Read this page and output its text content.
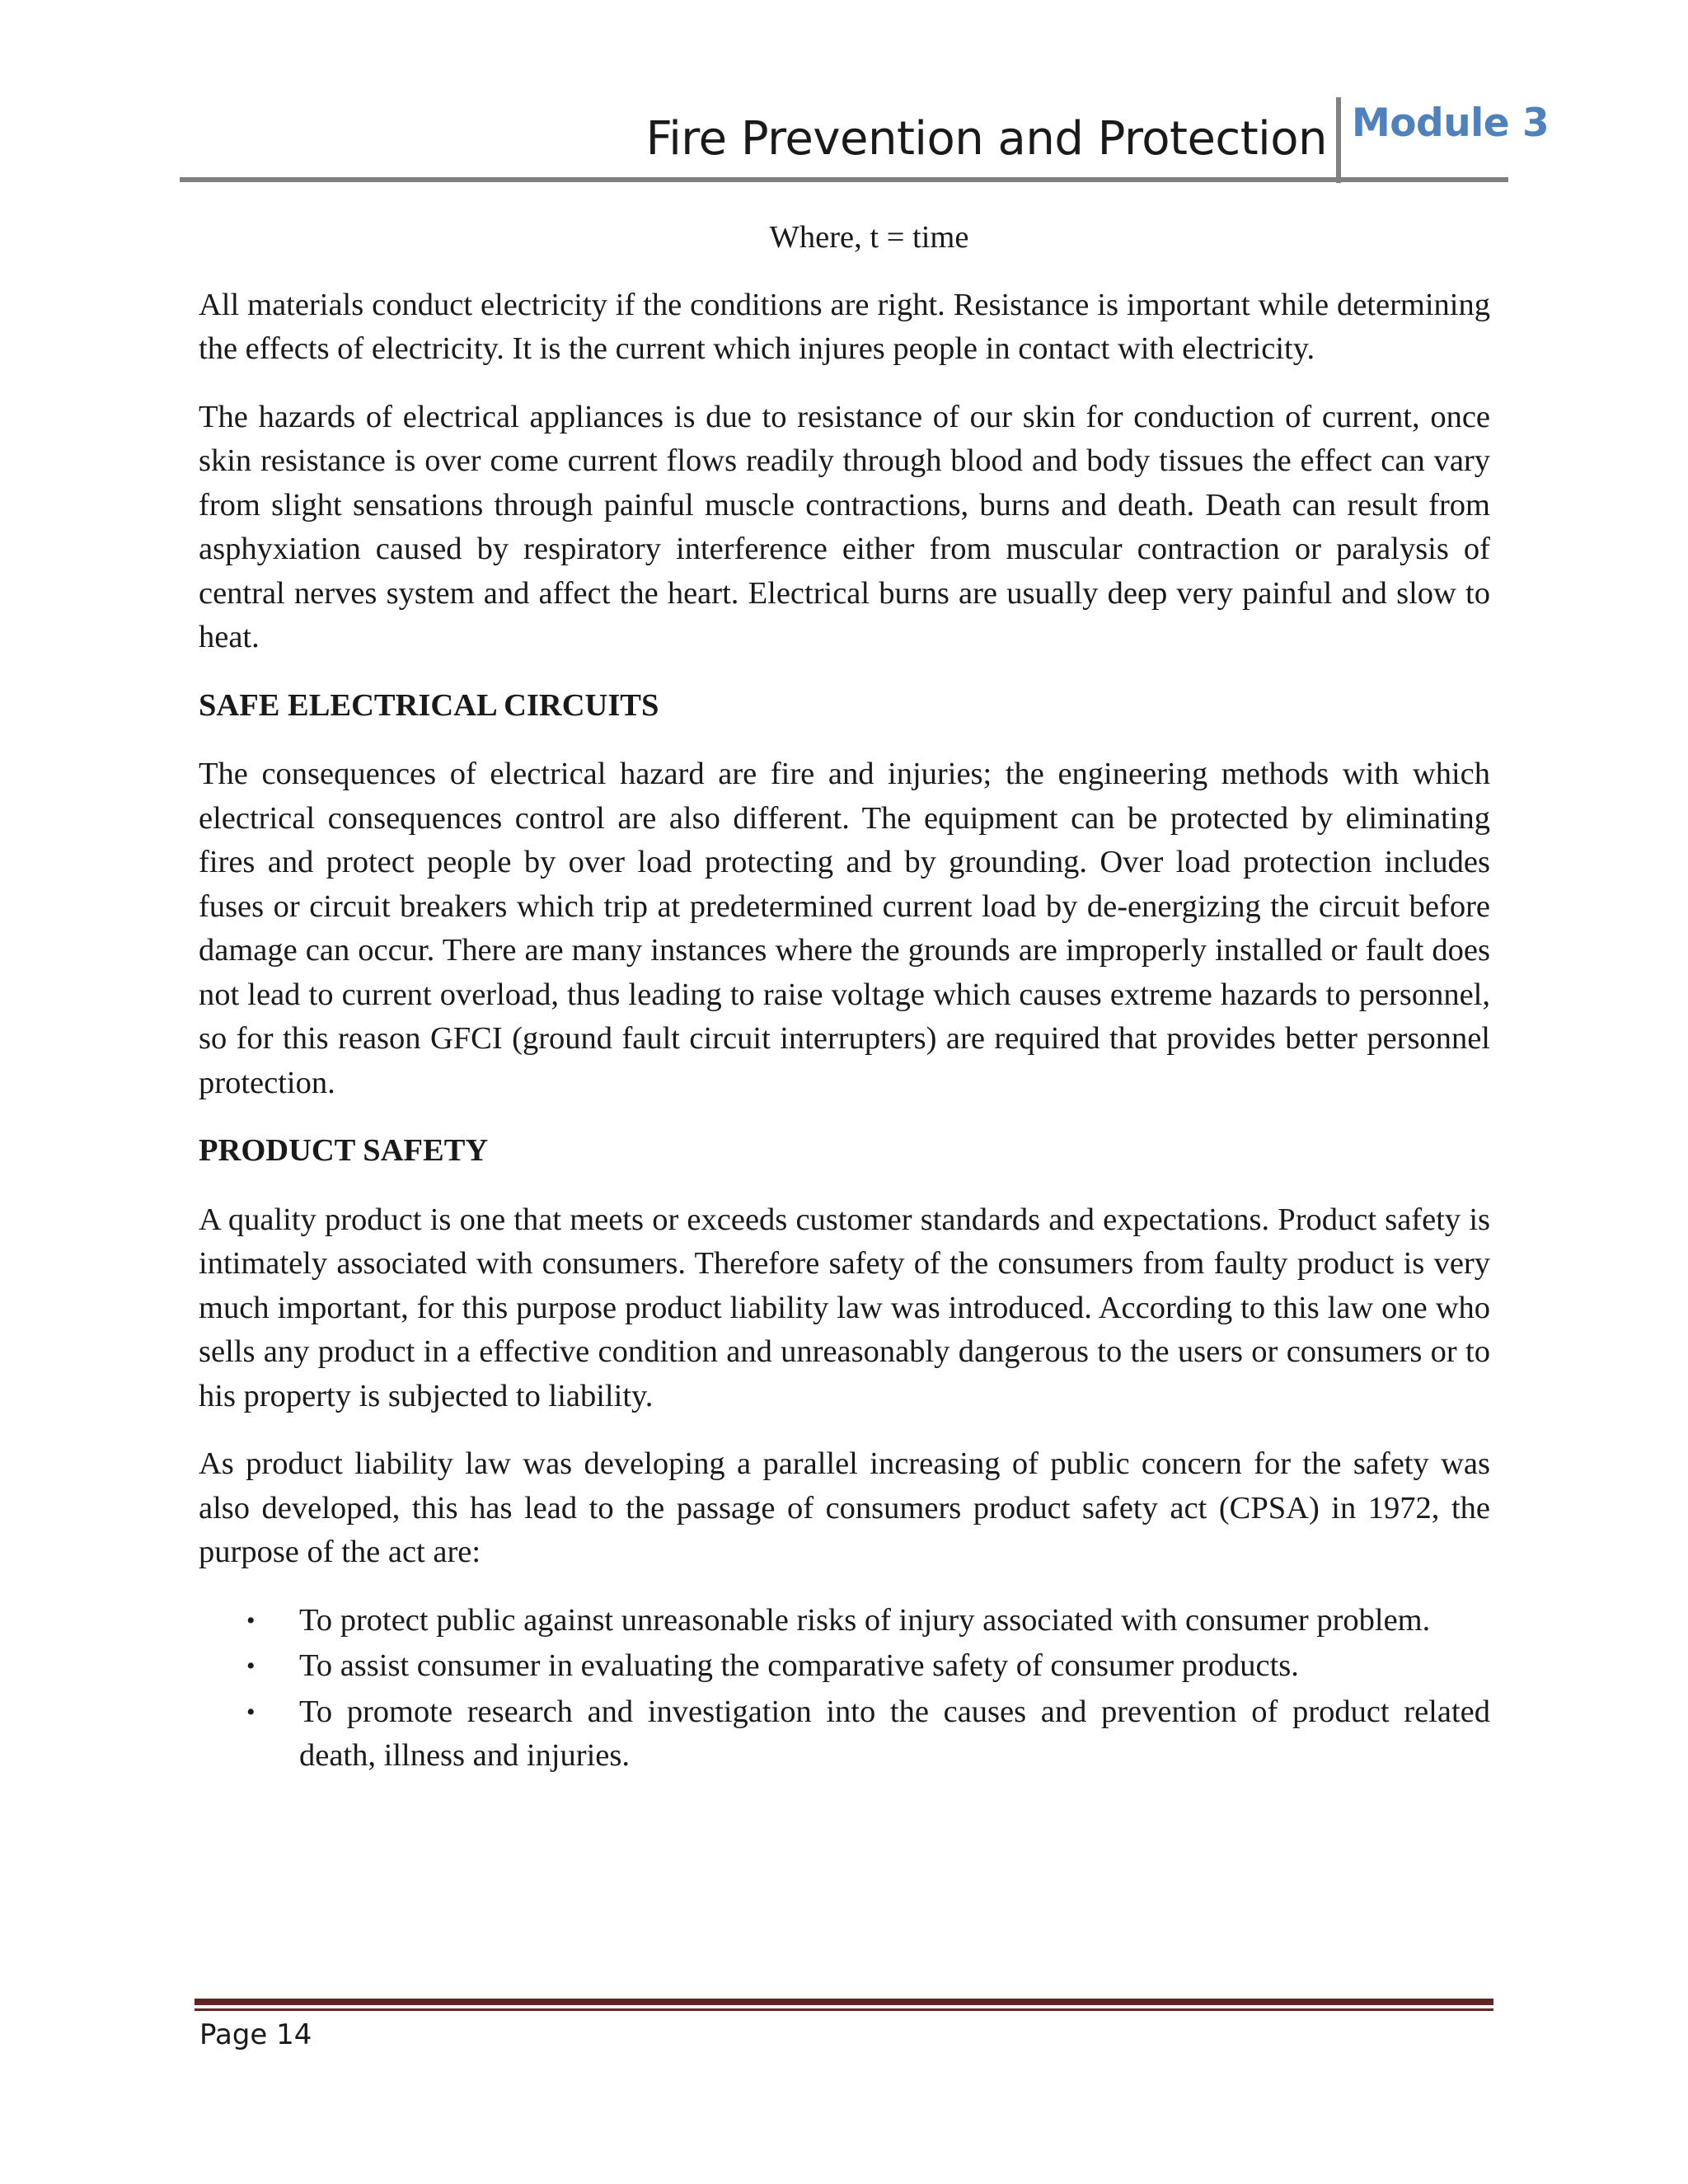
Fire Prevention and Protection Module 3

Where, t = time

All materials conduct electricity if the conditions are right. Resistance is important while determining the effects of electricity. It is the current which injures people in contact with electricity.

The hazards of electrical appliances is due to resistance of our skin for conduction of current, once skin resistance is over come current flows readily through blood and body tissues the effect can vary from slight sensations through painful muscle contractions, burns and death. Death can result from asphyxiation caused by respiratory interference either from muscular contraction or paralysis of central nerves system and affect the heart. Electrical burns are usually deep very painful and slow to heat.

SAFE ELECTRICAL CIRCUITS

The consequences of electrical hazard are fire and injuries; the engineering methods with which electrical consequences control are also different. The equipment can be protected by eliminating fires and protect people by over load protecting and by grounding. Over load protection includes fuses or circuit breakers which trip at predetermined current load by de-energizing the circuit before damage can occur. There are many instances where the grounds are improperly installed or fault does not lead to current overload, thus leading to raise voltage which causes extreme hazards to personnel, so for this reason GFCI (ground fault circuit interrupters) are required that provides better personnel protection.

PRODUCT SAFETY

A quality product is one that meets or exceeds customer standards and expectations. Product safety is intimately associated with consumers. Therefore safety of the consumers from faulty product is very much important, for this purpose product liability law was introduced. According to this law one who sells any product in a effective condition and unreasonably dangerous to the users or consumers or to his property is subjected to liability.

As product liability law was developing a parallel increasing of public concern for the safety was also developed, this has lead to the passage of consumers product safety act (CPSA) in 1972, the purpose of the act are:

• To protect public against unreasonable risks of injury associated with consumer problem.
• To assist consumer in evaluating the comparative safety of consumer products.
• To promote research and investigation into the causes and prevention of product related death, illness and injuries.
Page 14
